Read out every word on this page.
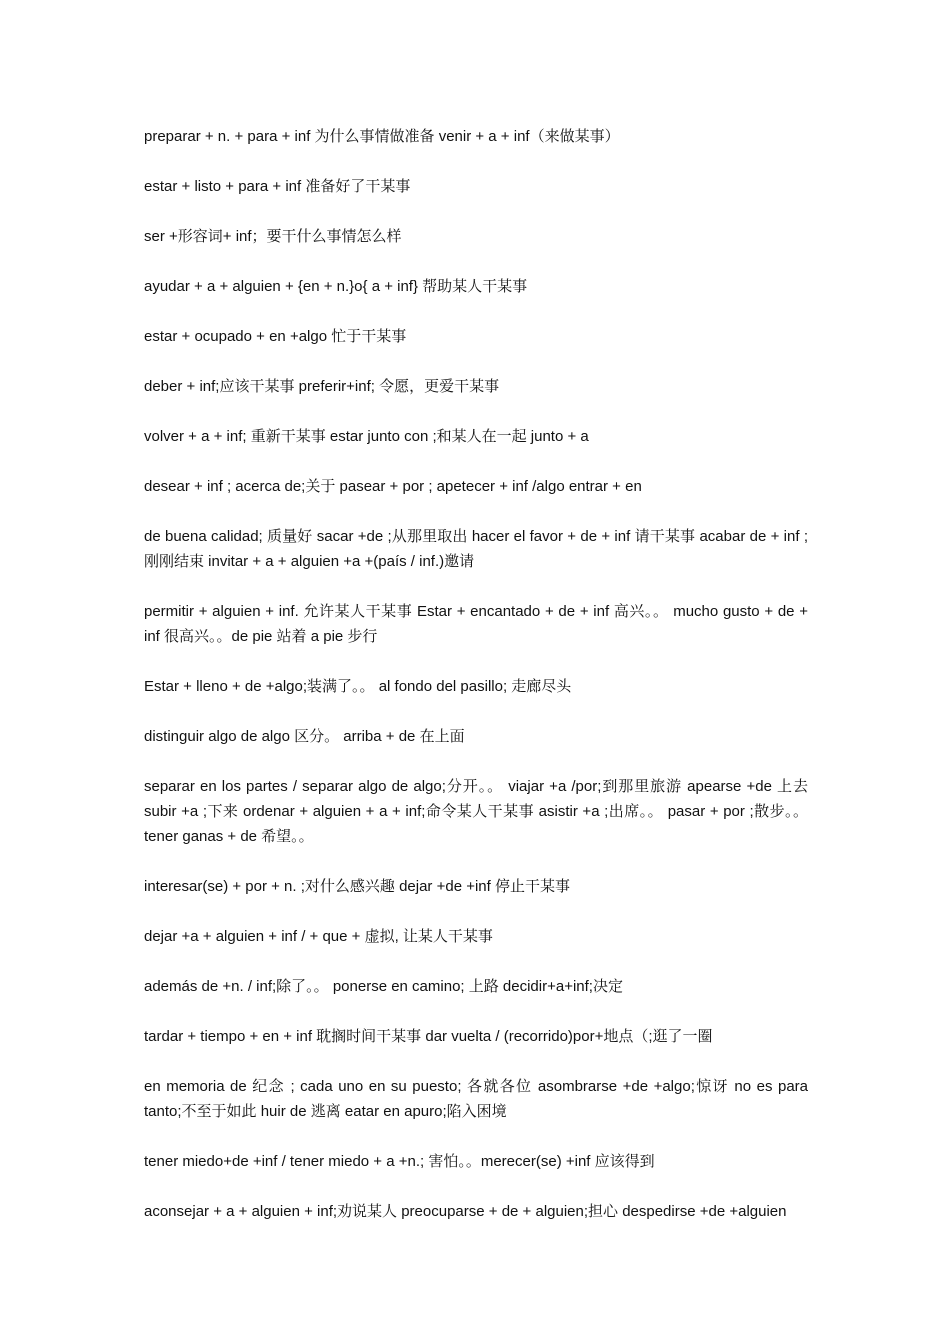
preparar + n. + para + inf 为什么事情做准备 venir + a + inf（来做某事）

estar + listo + para + inf 准备好了干某事

ser +形容词+ inf；要干什么事情怎么样

ayudar + a + alguien + {en + n.}o{ a + inf} 帮助某人干某事

estar + ocupado + en +algo 忙于干某事

deber + inf;应该干某事 preferir+inf; 令愿，更爱干某事

volver + a + inf; 重新干某事 estar junto con ;和某人在一起 junto + a

desear + inf ; acerca de;关于 pasear + por ; apetecer + inf /algo entrar + en

de buena calidad; 质量好 sacar +de ;从那里取出 hacer el favor + de + inf 请干某事 acabar de + inf ;刚刚结束 invitar + a + alguien +a +(país / inf.)邀请

permitir + alguien + inf. 允许某人干某事 Estar + encantado + de + inf 高兴。。 mucho gusto + de + inf 很高兴。。de pie 站着 a pie 步行

Estar + lleno + de +algo;装满了。。 al fondo del pasillo; 走廊尽头

distinguir algo de algo 区分。 arriba + de 在上面

separar en los partes / separar algo de algo;分开。。 viajar +a /por;到那里旅游 apearse +de 上去 subir +a ;下来 ordenar + alguien + a + inf;命令某人干某事 asistir +a ;出席。。 pasar + por ;散步。。 tener ganas + de 希望。。

interesar(se) + por + n. ;对什么感兴趣 dejar +de +inf 停止干某事

dejar +a + alguien + inf / + que + 虚拟, 让某人干某事

además de +n. / inf;除了。。 ponerse en camino; 上路 decidir+a+inf;决定

tardar + tiempo + en + inf 耽搁时间干某事 dar vuelta / (recorrido)por+地点（;逛了一圈

en memoria de 纪念 ; cada uno en su puesto; 各就各位 asombrarse +de +algo;惊讶 no es para tanto;不至于如此 huir de 逃离 eatar en apuro;陷入困境

tener miedo+de +inf / tener miedo + a +n.; 害怕。。merecer(se) +inf 应该得到

aconsejar + a + alguien + inf;劝说某人 preocuparse + de + alguien;担心 despedirse +de +alguien
